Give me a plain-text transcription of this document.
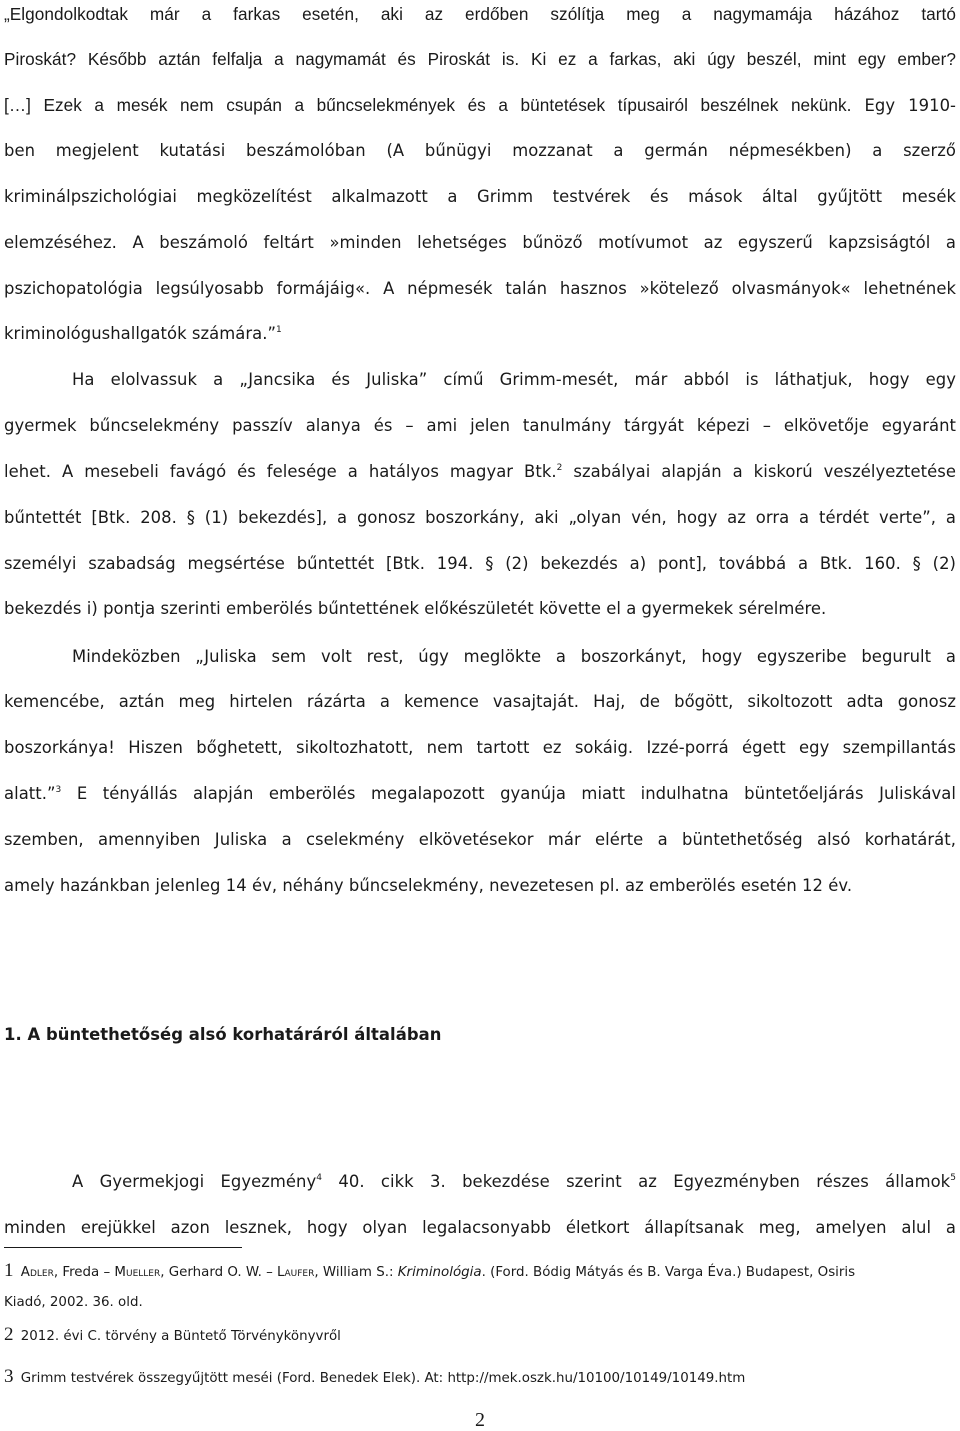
„Elgondolkodtak már a farkas esetén, aki az erdőben szólítja meg a nagymamája házához tartó
Piroskát? Később aztán felfalja a nagymamát és Piroskát is. Ki ez a farkas, aki úgy beszél, mint egy ember?
[…] Ezek a mesék nem csupán a bűncselekmények és a büntetések típusairól beszélnek nekünk. Egy 1910-
ben megjelent kutatási beszámolóban (A bűnügyi mozzanat a germán népmesékben) a szerző
kriminálpszichológiai megközelítést alkalmazott a Grimm testvérek és mások által gyűjtött mesék
elemzéséhez. A beszámoló feltárt »minden lehetséges bűnöző motívumot az egyszerű kapzsiságtól a
pszichopatológia legsúlyosabb formájáig«. A népmesék talán hasznos »kötelező olvasmányok« lehetnének
kriminológushallgatók számára.”$^1$
Ha elolvassuk a „Jancsika és Juliska” című Grimm-mesét, már abból is láthatjuk, hogy egy
gyermek bűncselekmény passzív alanya és – ami jelen tanulmány tárgyát képezi – elkövetője egyaránt
lehet. A mesebeli favágó és felesége a hatályos magyar Btk.$^2$ szabályai alapján a kiskorú veszélyeztetése
bűntettét [Btk. 208. § (1) bekezdés], a gonosz boszorkány, aki „olyan vén, hogy az orra a térdét verte”, a
személyi szabadság megsértése bűntettét [Btk. 194. § (2) bekezdés a) pont], továbbá a Btk. 160. § (2)
bekezdés i) pontja szerinti emberölés bűntettének előkészületét követte el a gyermekek sérelmére.
Mindeközben „Juliska sem volt rest, úgy meglökte a boszorkányt, hogy egyszeribe begurult a
kemencébe, aztán meg hirtelen rázárta a kemence vasajtaját. Haj, de bőgött, sikoltozott adta gonosz
boszorkánya! Hiszen bőghetett, sikoltozhatott, nem tartott ez sokáig. Izzé-porrá égett egy szempillantás
alatt.”$^3$ E tényállás alapján emberölés megalapozott gyanúja miatt indulhatna büntetőeljárás Juliskával
szemben, amennyiben Juliska a cselekmény elkövetésekor már elérte a büntethetőség alsó korhatárát,
amely hazánkban jelenleg 14 év, néhány bűncselekmény, nevezetesen pl. az emberölés esetén 12 év.
1. A büntethetőség alsó korhatáráról általában
A Gyermekjogi Egyezmény$^4$ 40. cikk 3. bekezdése szerint az Egyezményben részes államok$^5$
minden erejükkel azon lesznek, hogy olyan legalacsonyabb életkort állapítsanak meg, amelyen alul a
1 Adler, Freda – Mueller, Gerhard O. W. – Laufer, William S.: Kriminológia. (Ford. Bódig Mátyás és B. Varga Éva.) Budapest, Osiris
Kiadó, 2002. 36. old.
2 2012. évi C. törvény a Büntető Törvénykönyvről
3 Grimm testvérek összegyűjtött meséi (Ford. Benedek Elek). At: http://mek.oszk.hu/10100/10149/10149.htm
2
